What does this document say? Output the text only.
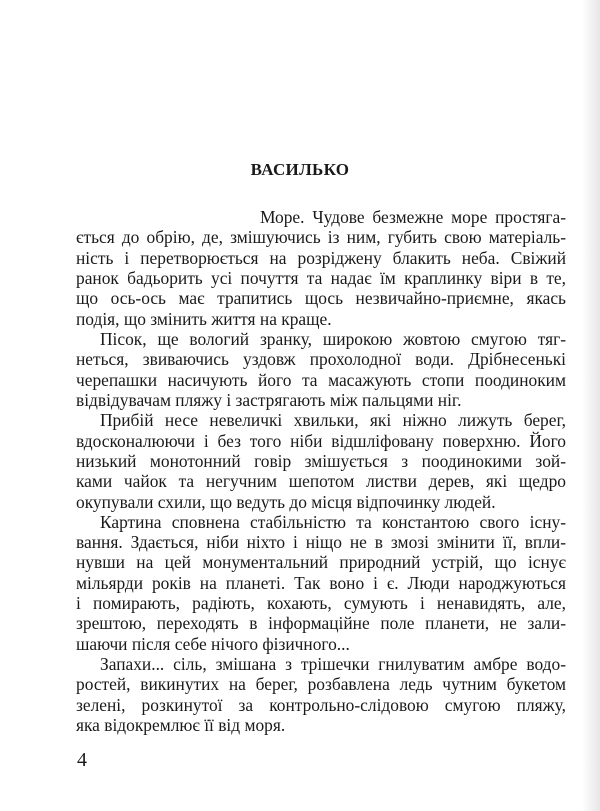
ВАСИЛЬКО
Море. Чудове безмежне море простяга-
ється до обрію, де, змішуючись із ним, губить свою матеріаль-
ність і перетворюється на розріджену блакить неба. Свіжий
ранок бадьорить усі почуття та надає їм краплинку віри в те,
що ось-ось має трапитись щось незвичайно-приємне, якась
подія, що змінить життя на краще.
Пісок, ще вологий зранку, широкою жовтою смугою тяг-
неться, звиваючись уздовж прохолодної води. Дрібнесенькі
черепашки насичують його та масажують стопи поодиноким
відвідувачам пляжу і застрягають між пальцями ніг.
Прибій несе невеличкі хвильки, які ніжно лижуть берег,
вдосконалюючи і без того ніби відшліфовану поверхню. Його
низький монотонний говір змішується з поодинокими зой-
ками чайок та негучним шепотом листви дерев, які щедро
окупували схили, що ведуть до місця відпочинку людей.
Картина сповнена стабільністю та константою свого існу-
вання. Здається, ніби ніхто і ніщо не в змозі змінити її, впли-
нувши на цей монументальний природний устрій, що існує
мільярди років на планеті. Так воно і є. Люди народжуються
і помирають, радіють, кохають, сумують і ненавидять, але,
зрештою, переходять в інформаційне поле планети, не зали-
шаючи після себе нічого фізичного...
Запахи... сіль, змішана з трішечки гнилуватим амбре водо-
ростей, викинутих на берег, розбавлена ледь чутним букетом
зелені, розкинутої за контрольно-слідовою смугою пляжу,
яка відокремлює її від моря.
4
